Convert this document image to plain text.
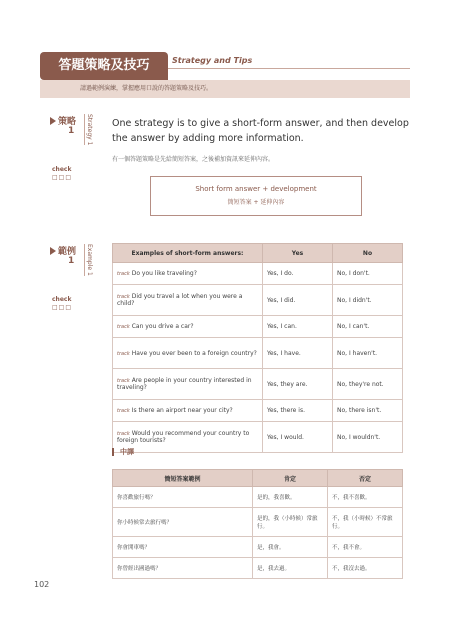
答題策略及技巧	Strategy and Tips
請過範例演練，掌握應用口說的答題策略及技巧。
策略
1	Strategy 1
check
□□□
One strategy is to give a short-form answer, and then develop the answer by adding more information.
有一個答題策略是先給簡短答案，之後補加資訊來延伸內容。
Short form answer + development
簡短答案 + 延伸內容
範例
1	Example 1
check
□□□
Examples of short-form answers:	Yes	No
track Do you like traveling?	Yes, I do.	No, I don't.
track Did you travel a lot when you were a child?	Yes, I did.	No, I didn't.
track Can you drive a car?	Yes, I can.	No, I can't.
track Have you ever been to a foreign country?	Yes, I have.	No, I haven't.
track Are people in your country interested in traveling?	Yes, they are.	No, they're not.
track Is there an airport near your city?	Yes, there is.	No, there isn't.
track Would you recommend your country to foreign tourists?	Yes, I would.	No, I wouldn't.
中譯
簡短答案範例	肯定	否定
你喜歡旅行嗎？	是的，我喜歡。	不，我不喜歡。
你小時候常去旅行嗎？	是的，我（小時候）常旅行。	不，我（小時候）不常旅行。
你會開車嗎？	是，我會。	不，我不會。
你曾經出國過嗎？	是，我去過。	不，我沒去過。
102
